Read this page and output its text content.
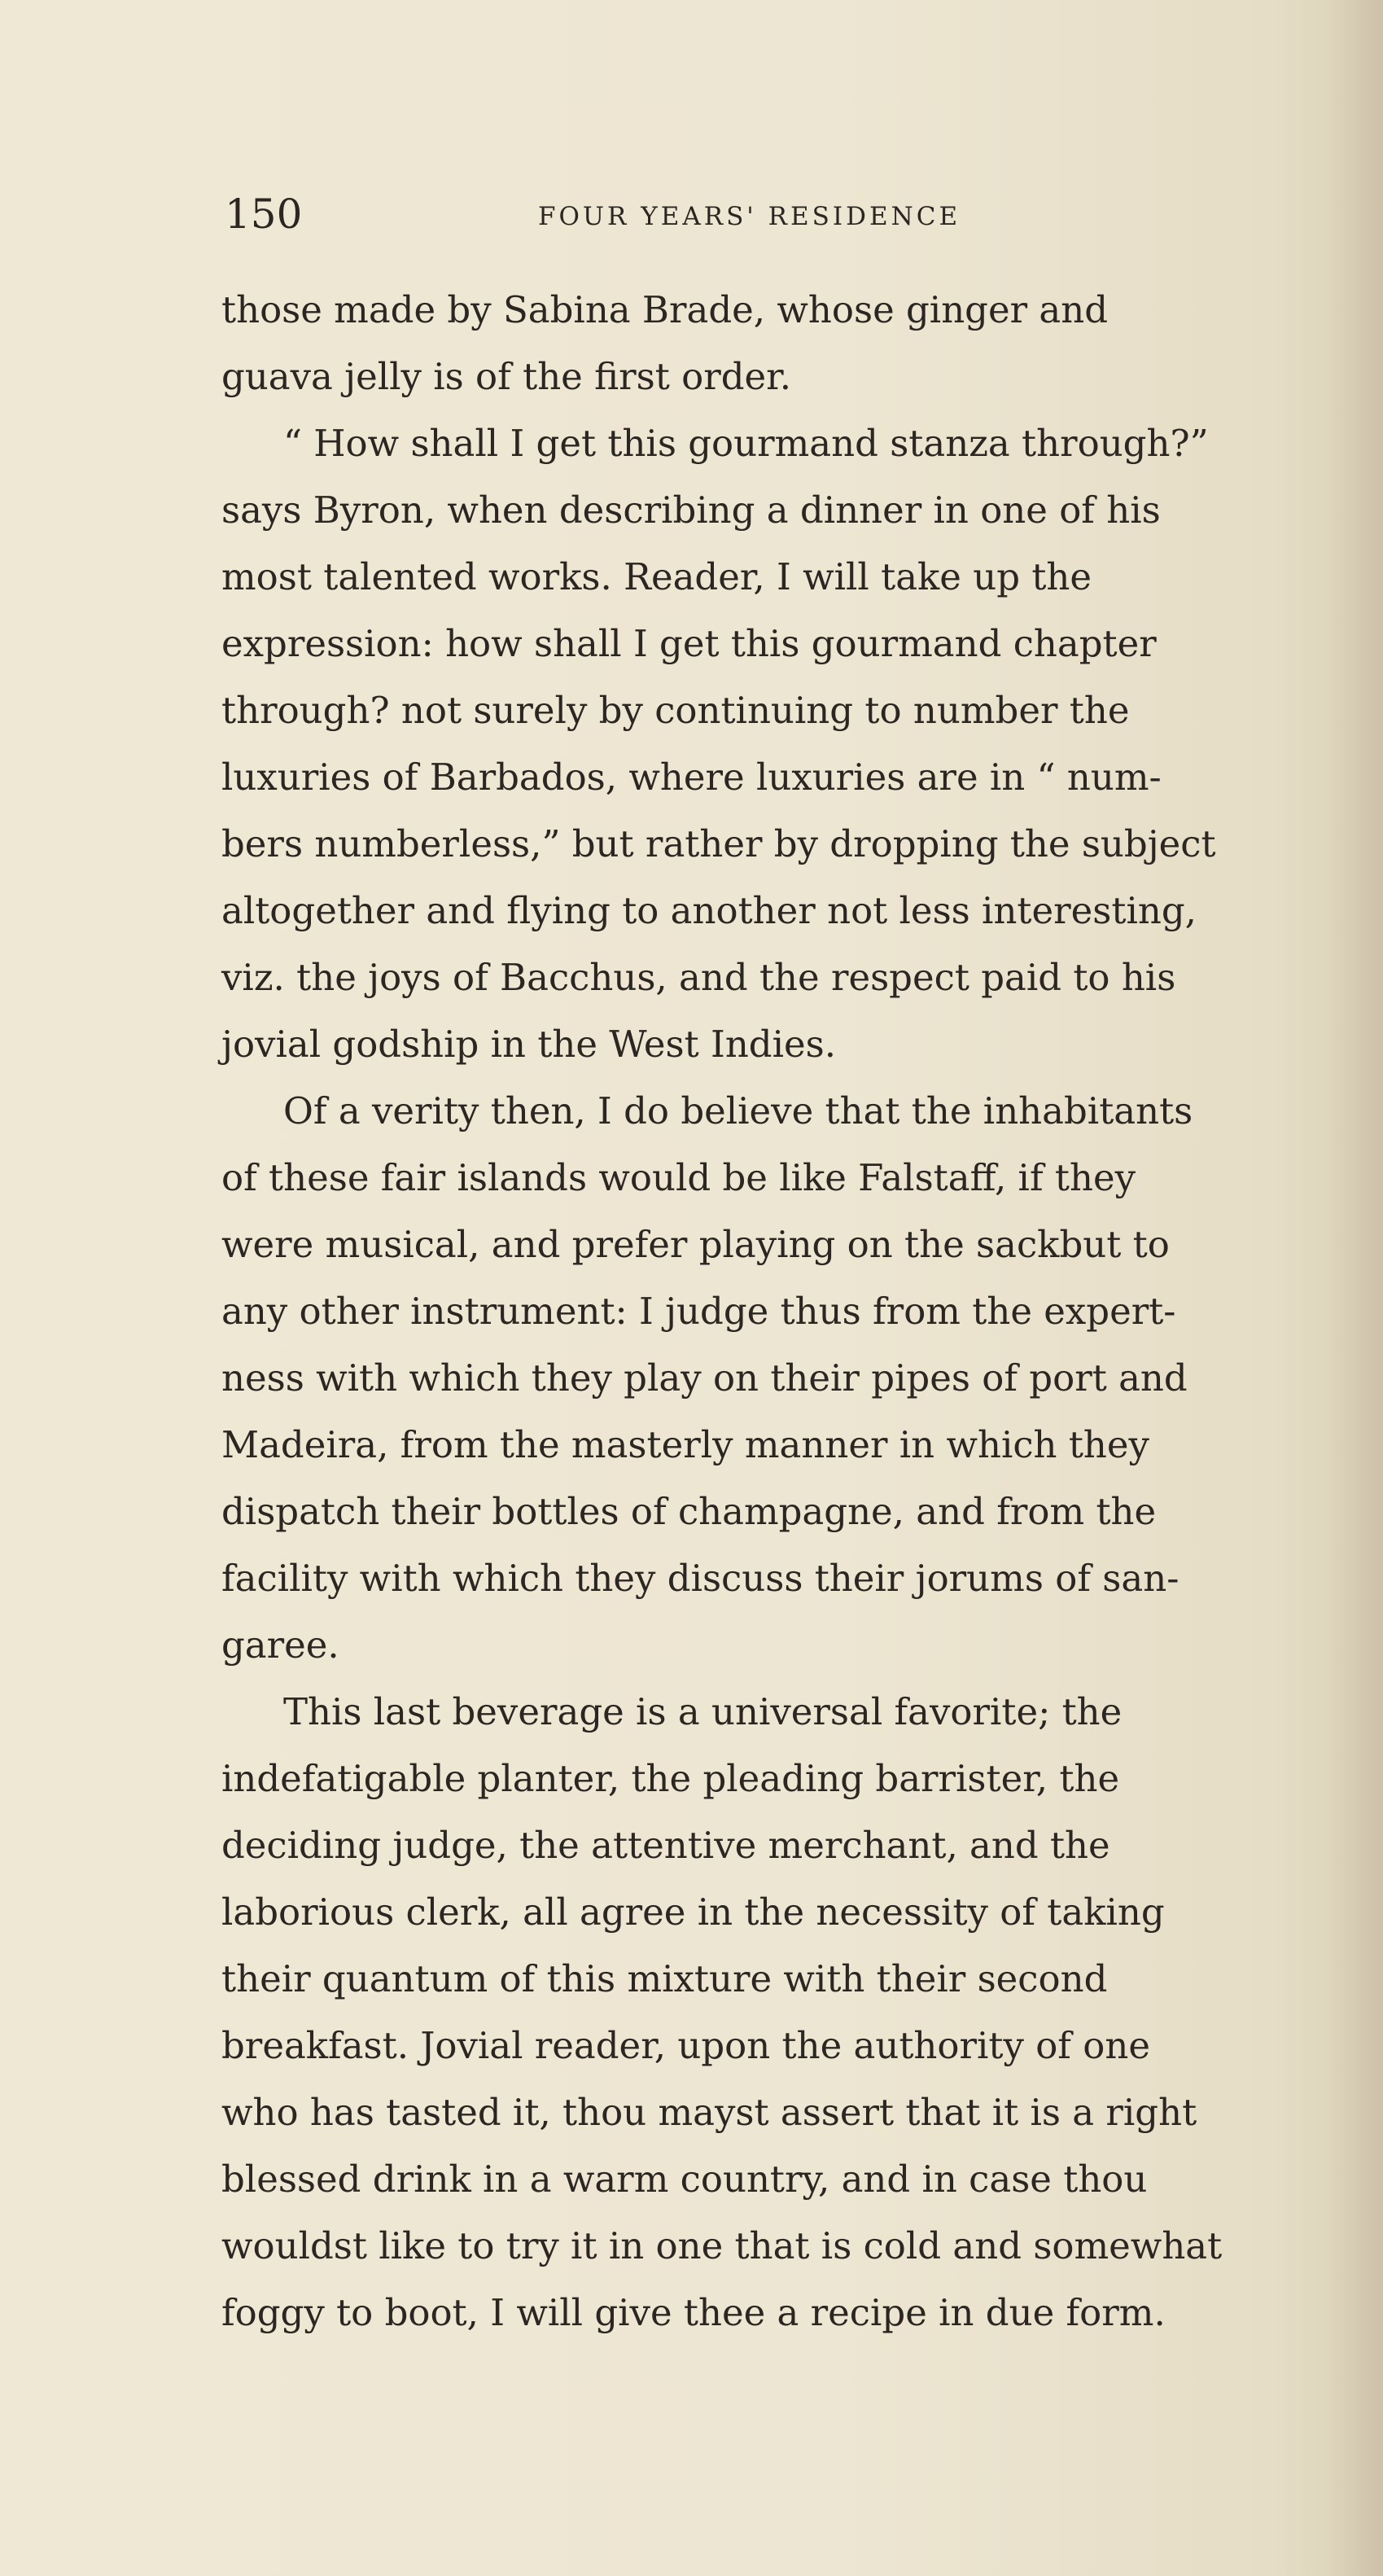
150	FOUR YEARS' RESIDENCE
those made by Sabina Brade, whose ginger and
guava jelly is of the first order.
“ How shall I get this gourmand stanza through?”
says Byron, when describing a dinner in one of his
most talented works. Reader, I will take up the
expression: how shall I get this gourmand chapter
through? not surely by continuing to number the
luxuries of Barbados, where luxuries are in “ num-
bers numberless,” but rather by dropping the subject
altogether and flying to another not less interesting,
viz. the joys of Bacchus, and the respect paid to his
jovial godship in the West Indies.
Of a verity then, I do believe that the inhabitants
of these fair islands would be like Falstaff, if they
were musical, and prefer playing on the sackbut to
any other instrument: I judge thus from the expert-
ness with which they play on their pipes of port and
Madeira, from the masterly manner in which they
dispatch their bottles of champagne, and from the
facility with which they discuss their jorums of san-
garee.
This last beverage is a universal favorite; the
indefatigable planter, the pleading barrister, the
deciding judge, the attentive merchant, and the
laborious clerk, all agree in the necessity of taking
their quantum of this mixture with their second
breakfast. Jovial reader, upon the authority of one
who has tasted it, thou mayst assert that it is a right
blessed drink in a warm country, and in case thou
wouldst like to try it in one that is cold and somewhat
foggy to boot, I will give thee a recipe in due form.
